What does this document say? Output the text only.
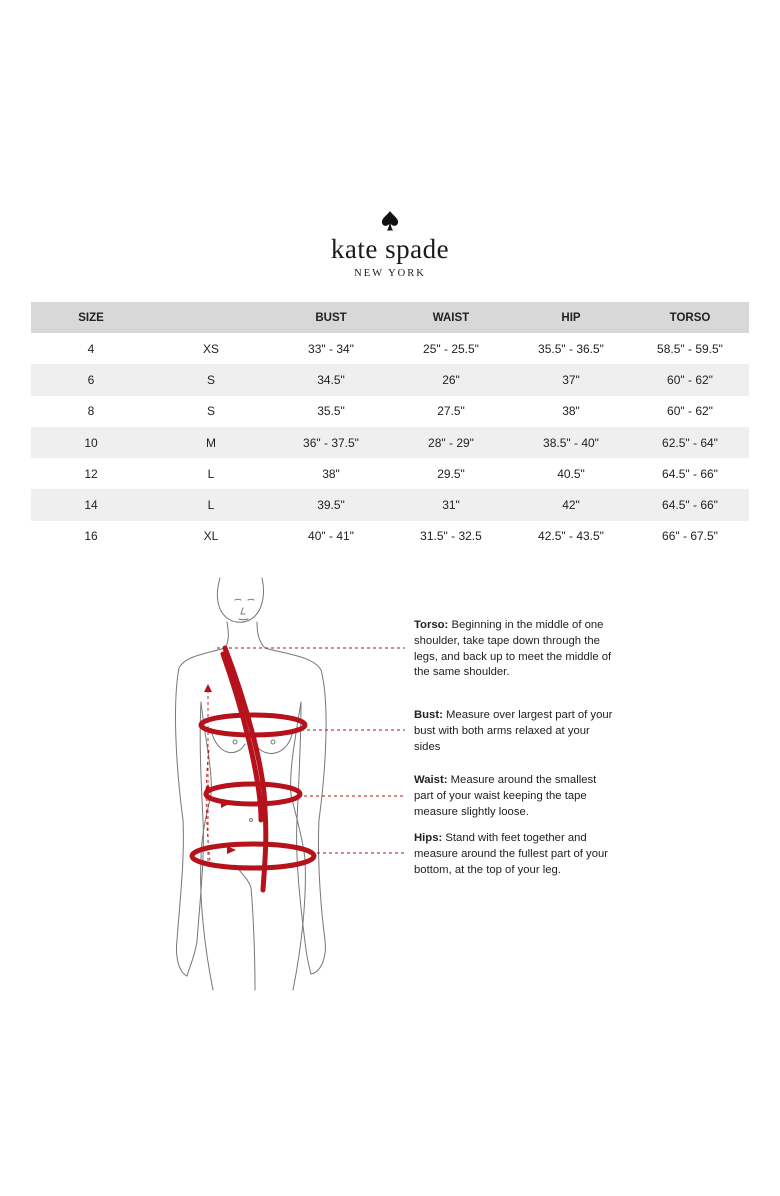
kate spade
NEW YORK
SIZE		BUST	WAIST	HIP	TORSO
4	XS	33" - 34"	25" - 25.5"	35.5" - 36.5"	58.5" - 59.5"
6	S	34.5"	26"	37"	60" - 62"
8	S	35.5"	27.5"	38"	60" - 62"
10	M	36" - 37.5"	28" - 29"	38.5" - 40"	62.5" - 64"
12	L	38"	29.5"	40.5"	64.5" - 66"
14	L	39.5"	31"	42"	64.5" - 66"
16	XL	40" - 41"	31.5" - 32.5	42.5" - 43.5"	66" - 67.5"
Torso: Beginning in the middle of one shoulder, take tape down through the legs, and back up to meet the middle of the same shoulder.
Bust: Measure over largest part of your bust with both arms relaxed at your sides
Waist: Measure around the smallest part of your waist keeping the tape measure slightly loose.
Hips: Stand with feet together and measure around the fullest part of your bottom, at the top of your leg.
